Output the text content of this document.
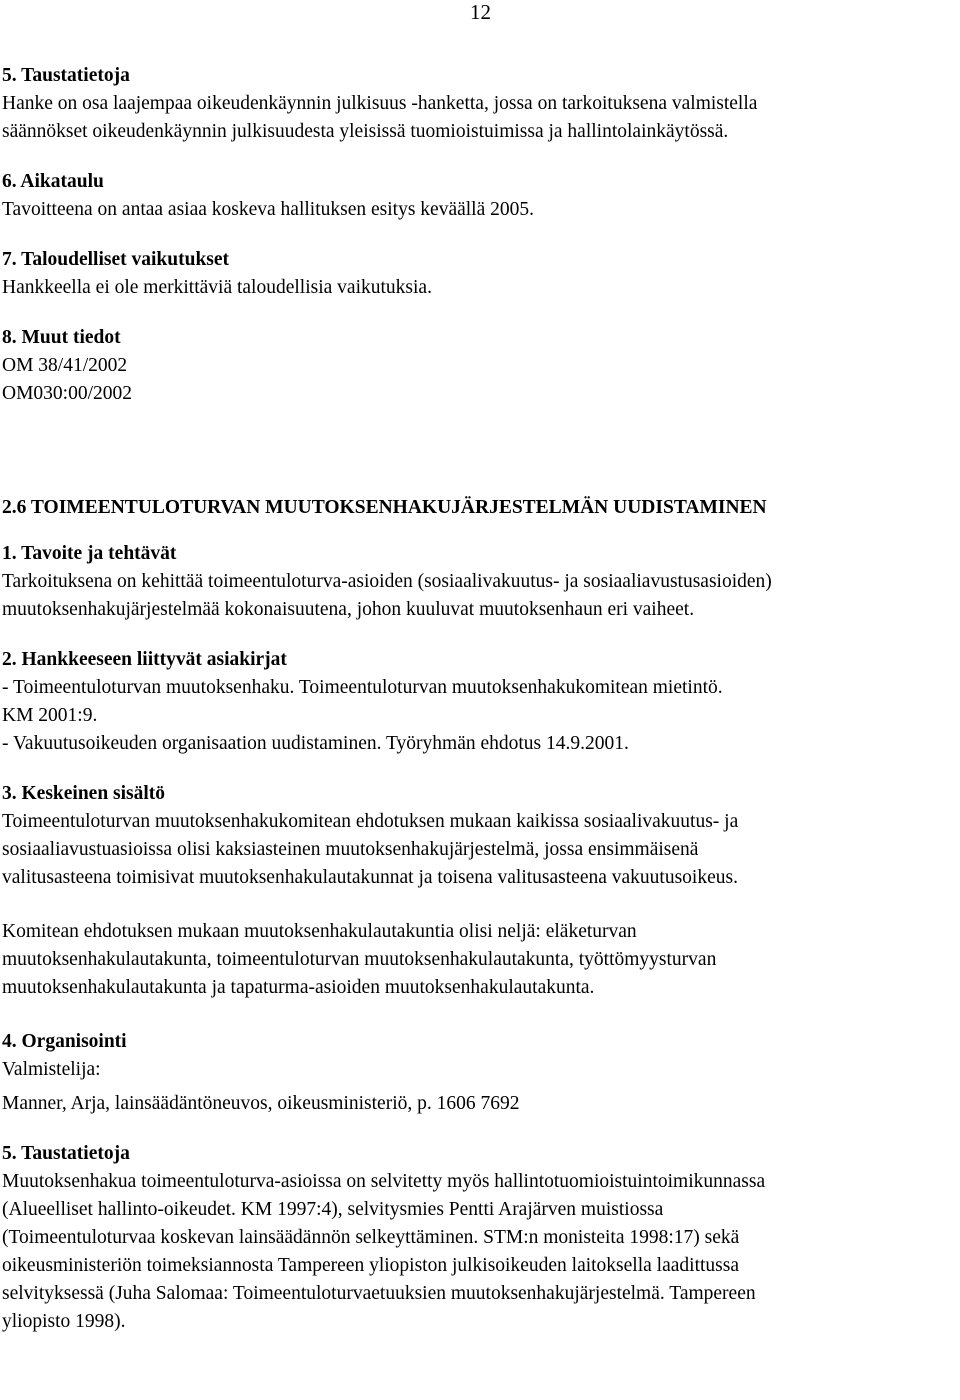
12
5. Taustatietoja
Hanke on osa laajempaa oikeudenkäynnin julkisuus -hanketta, jossa on tarkoituksena valmistella
säännökset oikeudenkäynnin julkisuudesta yleisissä tuomioistuimissa ja hallintolainkäytössä.
6. Aikataulu
Tavoitteena on antaa asiaa koskeva hallituksen esitys keväällä 2005.
7. Taloudelliset vaikutukset
Hankkeella ei ole merkittäviä taloudellisia vaikutuksia.
8. Muut tiedot
OM 38/41/2002
OM030:00/2002
2.6 TOIMEENTULOTURVAN MUUTOKSENHAKUJÄRJESTELMÄN UUDISTAMINEN
1. Tavoite ja tehtävät
Tarkoituksena on kehittää toimeentuloturva-asioiden (sosiaalivakuutus- ja sosiaaliavustusasioiden)
muutoksenhakujärjestelmää kokonaisuutena, johon kuuluvat muutoksenhaun eri vaiheet.
2. Hankkeeseen liittyvät asiakirjat
- Toimeentuloturvan muutoksenhaku. Toimeentuloturvan muutoksenhakukomitean mietintö.
KM 2001:9.
- Vakuutusoikeuden organisaation uudistaminen. Työryhmän ehdotus 14.9.2001.
3. Keskeinen sisältö
Toimeentuloturvan muutoksenhakukomitean ehdotuksen mukaan kaikissa sosiaalivakuutus- ja
sosiaaliavustuasioissa olisi kaksiasteinen muutoksenhakujärjestelmä, jossa ensimmäisenä
valitusasteena toimisivat muutoksenhakulautakunnat ja toisena valitusasteena vakuutusoikeus.
Komitean ehdotuksen mukaan muutoksenhakulautakuntia olisi neljä: eläketurvan
muutoksenhakulautakunta, toimeentuloturvan muutoksenhakulautakunta, työttömyysturvan
muutoksenhakulautakunta ja tapaturma-asioiden muutoksenhakulautakunta.
4. Organisointi
Valmistelija:
Manner, Arja, lainsäädäntöneuvos, oikeusministeriö, p. 1606 7692
5. Taustatietoja
Muutoksenhakua toimeentuloturva-asioissa on selvitetty myös hallintotuomioistuintoimikunnassa
(Alueelliset hallinto-oikeudet. KM 1997:4), selvitysmies Pentti Arajärven muistiossa
(Toimeentuloturvaa koskevan lainsäädännön selkeyttäminen. STM:n monisteita 1998:17) sekä
oikeusministeriön toimeksiannosta Tampereen yliopiston julkisoikeuden laitoksella laadittussa
selvityksessä (Juha Salomaa: Toimeentuloturvaetuuksien muutoksenhakujärjestelmä. Tampereen
yliopisto 1998).
